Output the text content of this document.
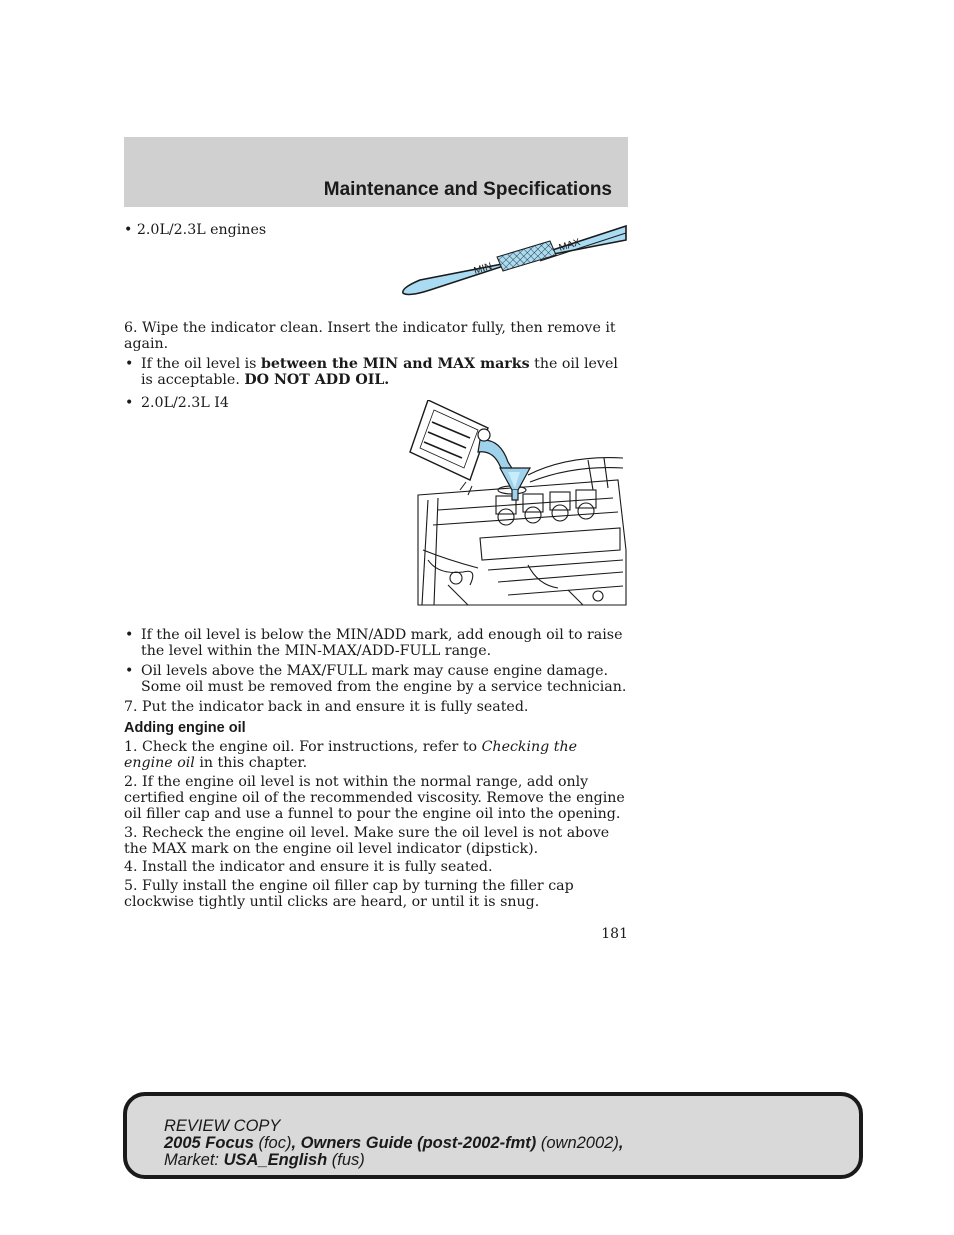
Maintenance and Specifications

• 2.0L/2.3L engines

MIN
MAX

6. Wipe the indicator clean. Insert the indicator fully, then remove it again.

• If the oil level is between the MIN and MAX marks the oil level is acceptable. DO NOT ADD OIL.

• 2.0L/2.3L I4

• If the oil level is below the MIN/ADD mark, add enough oil to raise the level within the MIN-MAX/ADD-FULL range.

• Oil levels above the MAX/FULL mark may cause engine damage. Some oil must be removed from the engine by a service technician.

7. Put the indicator back in and ensure it is fully seated.

Adding engine oil

1. Check the engine oil. For instructions, refer to Checking the engine oil in this chapter.

2. If the engine oil level is not within the normal range, add only certified engine oil of the recommended viscosity. Remove the engine oil filler cap and use a funnel to pour the engine oil into the opening.

3. Recheck the engine oil level. Make sure the oil level is not above the MAX mark on the engine oil level indicator (dipstick).

4. Install the indicator and ensure it is fully seated.

5. Fully install the engine oil filler cap by turning the filler cap clockwise tightly until clicks are heard, or until it is snug.

181
REVIEW COPY
2005 Focus (foc), Owners Guide (post-2002-fmt) (own2002),
Market: USA_English (fus)
